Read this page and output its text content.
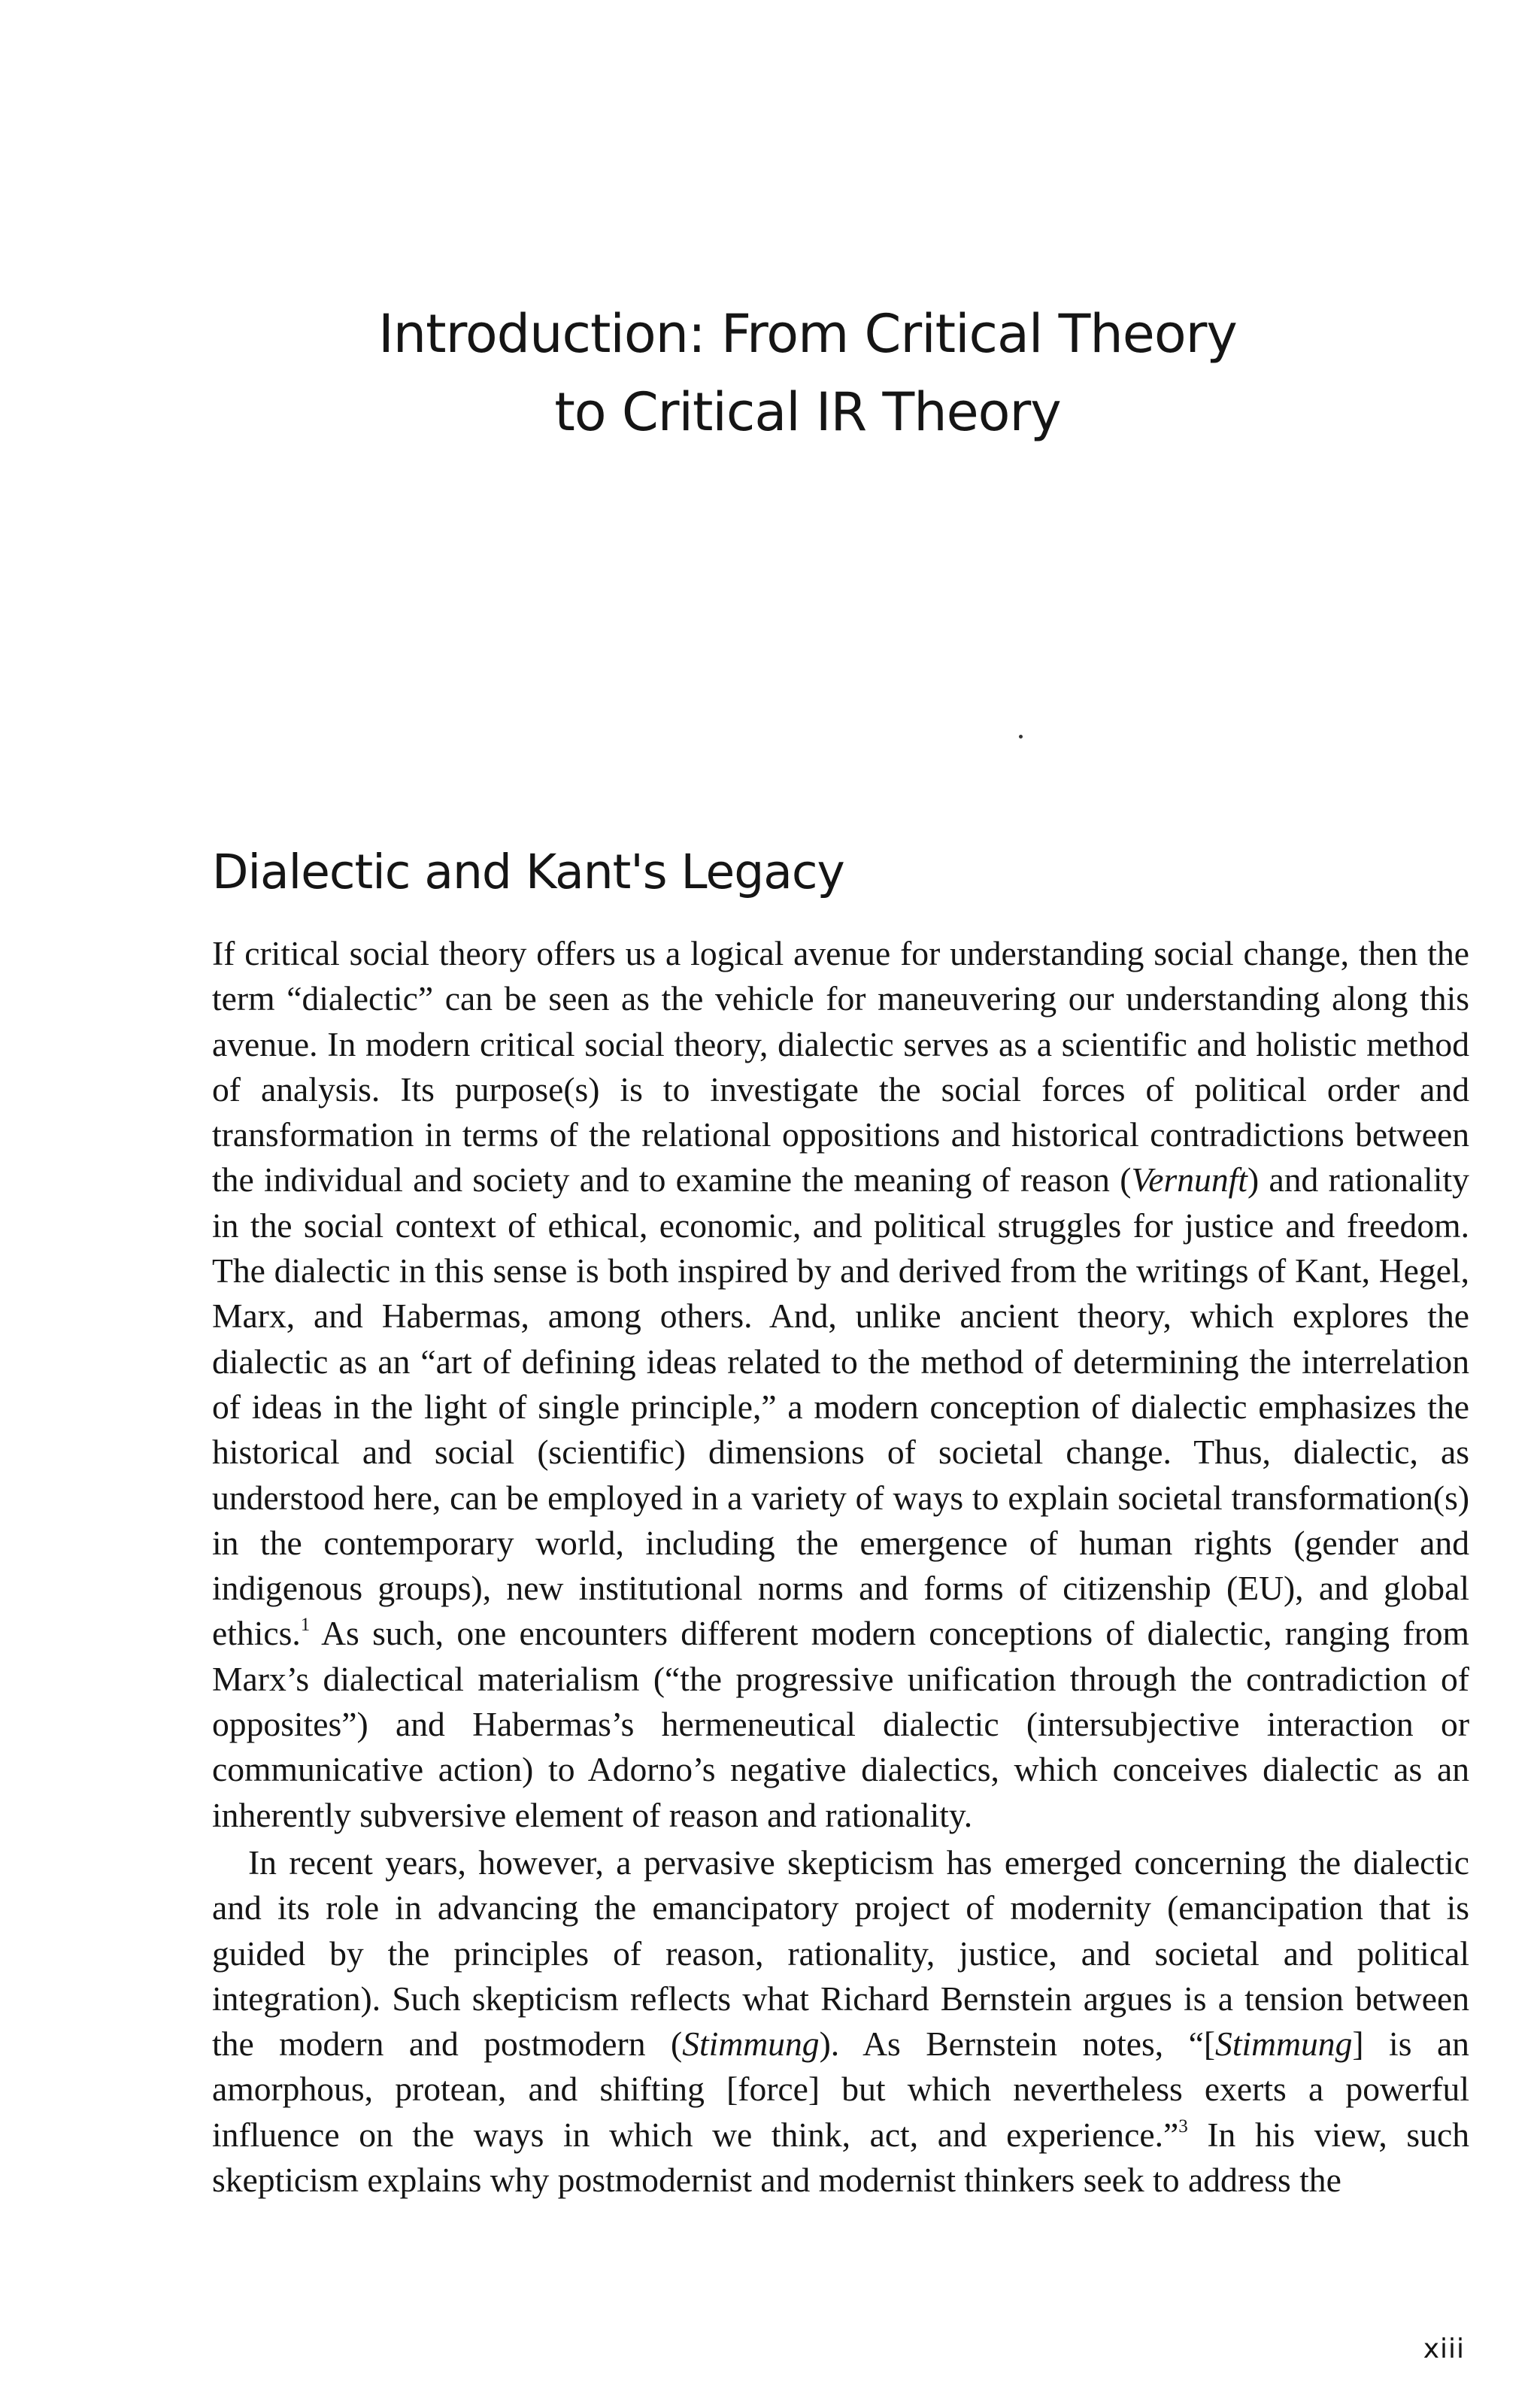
Introduction: From Critical Theory
to Critical IR Theory
Dialectic and Kant's Legacy

If critical social theory offers us a logical avenue for understanding social change, then the term “dialectic” can be seen as the vehicle for maneuvering our understanding along this avenue. In modern critical social theory, dialectic serves as a scientific and holistic method of analysis. Its purpose(s) is to investigate the social forces of political order and transformation in terms of the relational oppositions and historical contradictions between the individual and society and to examine the meaning of reason (Vernunft) and rationality in the social context of ethical, economic, and political struggles for justice and freedom. The dialectic in this sense is both inspired by and derived from the writings of Kant, Hegel, Marx, and Habermas, among others. And, unlike ancient theory, which explores the dialectic as an “art of defining ideas related to the method of determining the interrelation of ideas in the light of single principle,” a modern conception of dialectic emphasizes the historical and social (scientific) dimensions of societal change. Thus, dialectic, as understood here, can be employed in a variety of ways to explain societal transformation(s) in the contemporary world, including the emergence of human rights (gender and indigenous groups), new institutional norms and forms of citizenship (EU), and global ethics.$^1$ As such, one encounters different modern conceptions of dialectic, ranging from Marx’s dialectical materialism (“the progressive unification through the contradiction of opposites”) and Habermas’s hermeneutical dialectic (intersubjective interaction or communicative action) to Adorno’s negative dialectics, which conceives dialectic as an inherently subversive element of reason and rationality.

In recent years, however, a pervasive skepticism has emerged concerning the dialectic and its role in advancing the emancipatory project of modernity (emancipation that is guided by the principles of reason, rationality, justice, and societal and political integration). Such skepticism reflects what Richard Bernstein argues is a tension between the modern and postmodern (Stimmung). As Bernstein notes, “[Stimmung] is an amorphous, protean, and shifting [force] but which nevertheless exerts a powerful influence on the ways in which we think, act, and experience.”$^3$ In his view, such skepticism explains why postmodernist and modernist thinkers seek to address the

xiii
